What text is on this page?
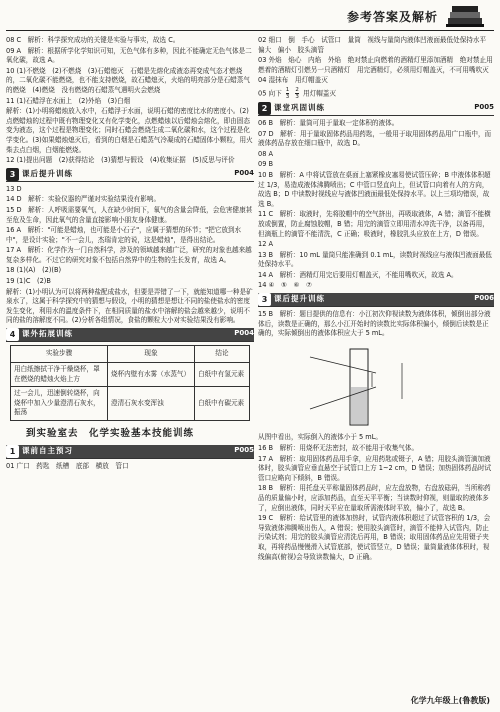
参考答案及解析
08 C　解析：科学探究成功的关键是实验与事实，故选 C。
09 A　解析：根据所学化学知识可知，无色气体有多种，因此不能确定无色气体是二氧化碳，故选 A。
10 (1)不燃烧　(2)不燃烧　(3)石蜡熄灭　石蜡是先熔化成液态再变成气态才燃烧的，二氧化碳不能燃烧，也不能支持燃烧，故石蜡熄灭，火焰的明亮部分是石蜡蒸气的燃烧　(4)燃烧　没有燃烧的石蜡蒸气遇明火会燃烧
11 (1)石蜡浮在水面上　(2)外焰　(3)白烟
解析：(1)小明将蜡烛放入水中，石蜡浮于水面，说明石蜡的密度比水的密度小。(2)点燃蜡烛的过程中既有物理变化又有化学变化，点燃蜡烛以后蜡烛会熔化，即由固态变为液态，这个过程是物理变化；同时石蜡会燃烧生成二氧化碳和水，这个过程是化学变化。(3)如果蜡烛熄灭后，看到的白烟是石蜡蒸气冷凝成的石蜡固体小颗粒，用火柴去点白烟，白烟能燃烧。
12 (1)提出问题　(2)获得结论　(3)猜想与假设　(4)收集证据　(5)反思与评价
3 课后提升训练	P004
13 D
14 D　解析：实验仪器的严谨对实验结果没有影响。
15 D　解析：人呼吸需要氧气，人在缺少时间下，氧气的含量会降低，会危害健康甚至危及生命，因此氧气的含量直接影响小朋友身体健康。
16 A　解析："可能是蜡烛，也可能是小石子"，应属于猜想的环节；"把它放到水中"，是设计实验；"不一会儿，杰瑞肯定的说，这是蜡烛"，是得出结论。
17 A　解析：化学作为一门自然科学，涉及的领域越来越广泛，研究的对象也越来越复杂多样化。不过它的研究对象不包括自然界中的生物的生长发育，故选 A。
18 (1)(A)　(2)(B)
19 (1)C　(2)B
解析：(1)小明认为可以将两种盐配成盐水，但要是弄错了一下，就能知道哪一种是矿泉水了，这属于科学探究中的猜想与假设，小明的猜想是想让不同的盐使盐水的密度发生变化，利用水的温度条件下，在相同质量的盐水中溶解的盐会越来越少，说明不同的盐的溶解度不同。(2)分析各组情况，食盐的颗粒大小对实验结果没有影响。
4 课外拓展训练	P004
实验步骤	现象	结论
用白纸擦拭干净干燥烧杯，罩在燃烧的蜡烛火焰上方	烧杯内壁有水雾（水蒸气）	白纸中有氢元素
过一会儿，迅速倒转烧杯，向烧杯中加入少量澄清石灰水，振荡	澄清石灰水变浑浊	白纸中有碳元素
到实验室去　化学实验基本技能训练
1 课前自主预习	P005
01 广口　药匙　纸槽　底部　横放　管口
02 细口　倒　手心　试管口　量筒　视线与量筒内液体凹液面最低处保持水平　偏大　偏小　胶头滴管
03 外焰　焰心　内焰　外焰　绝对禁止向燃着的酒精灯里添加酒精　绝对禁止用燃着的酒精灯引燃另一只酒精灯　用完酒精灯，必须用灯帽盖灭，不可用嘴吹灭
04 湿抹布　用灯帽盖灭
05 向下 $\frac{1}{3}$
$\frac{2}{3}$ 用灯帽盖灭
2 课堂巩固训练	P005
06 B　解析：量筒可用于量取一定体积的液体。
07 D　解析：用于量取固体药品用药匙，一般用于取用固体药品用广口瓶中，而液体药品存放在细口瓶中，故选 D。
08 A
09 B
10 B　解析：A 中将试管放在桌面上塞紧橡皮塞易使试管压碎；B 中液体体积超过 1/3，易造成液体沸腾喷出；C 中管口竖直向上，但试管口向着有人的方向，故选 B；D 中读数时视线应与液体凹液面最低处保持水平。以上三项均错误，故选 B。
11 C　解析：取液时，先将胶帽中的空气挤出，再吸取液体，A 错；滴管不能横放或倒置，防止腐蚀胶帽，B 错；用完的滴管立即用清水冲洗干净，以备再用，但滴瓶上的滴管不能清洗，C 正确；吸液时，橡胶乳头应放在上方，D 错误。
12 A
13 B　解析：10 mL 量筒只能准确到 0.1 mL，读数时视线应与液体凹液面最低处保持水平。
14 A　解析：酒精灯用完后要用灯帽盖灭，不能用嘴吹灭，故选 A。
14 ④　⑤　⑥　⑦
3 课后提升训练	P006
15 B　解析：题目提供的信息有：小江初次仰视读数为液体体积，倾倒出部分液体后，读数是正确的，那么小江开始时的读数比实际体积偏小，倾倒后读数是正确的，实际倾倒出的液体体积应大于 5 mL。
从图中看出，实际倒入的液体小于 5 mL。
16 B　解析：用烧杯无法密封，故不能用于收集气体。
17 A　解析：取用固体药品用手拿，应用药匙或镊子，A 错；用胶头滴管滴加液体时，胶头滴管应垂直悬空于试管口上方 1~2 cm，D 错误；加热固体药品时试管口应略向下倾斜，B 错误。
18 B　解析：用托盘天平称量固体药品时，应左盘放物，右盘放砝码，当所称药品的质量偏小时，应添加药品，直至天平平衡；当读数时仰视，则量取的液体多了，应倒出液体，同时天平应在量取所需液体时平放，偏小了，故选 B。
19 C　解析：给试管里的液体加热时，试管内液体积超过了试管容积的 1/3，会导致液体沸腾喷出伤人，A 错误；使用胶头滴管时，滴管不能伸入试管内，防止污染试剂；用完的胶头滴管应清洗后再用，B 错误；取用固体药品应先用镊子夹取，再将药品慢慢滑入试管底部，使试管竖立，D 错误；量筒量液体体积时，视线偏高(俯视)会导致读数偏大，D 正确。
化学九年级上(鲁教版)
